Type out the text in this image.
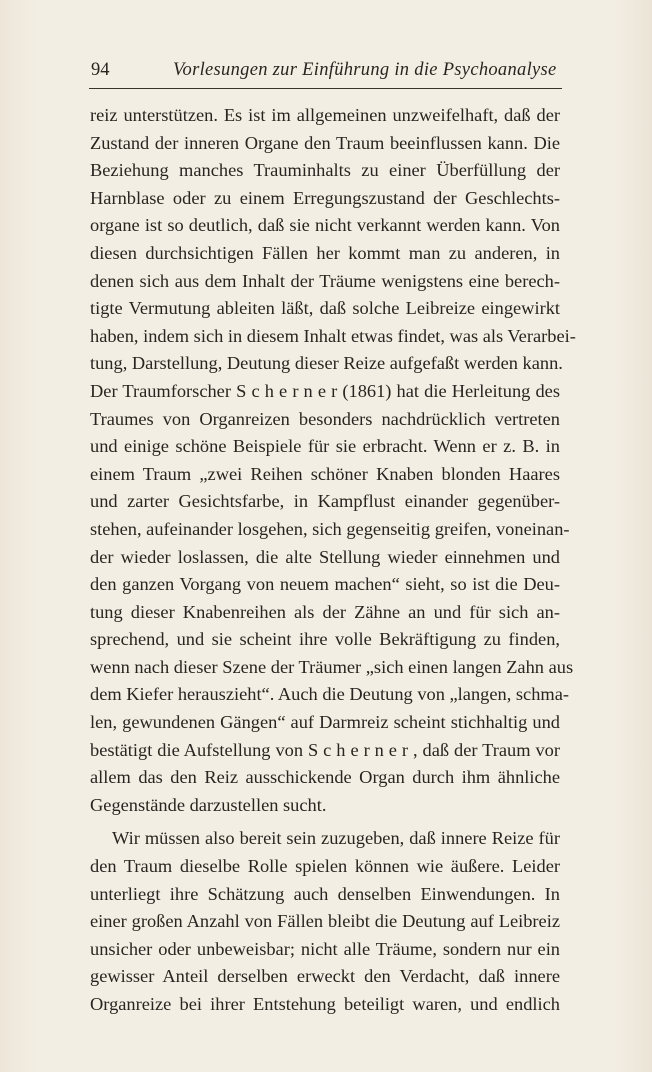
94	Vorlesungen zur Einführung in die Psychoanalyse
reiz unterstützen. Es ist im allgemeinen unzweifelhaft, daß der
Zustand der inneren Organe den Traum beeinflussen kann. Die
Beziehung manches Trauminhalts zu einer Überfüllung der
Harnblase oder zu einem Erregungszustand der Geschlechts-
organe ist so deutlich, daß sie nicht verkannt werden kann. Von
diesen durchsichtigen Fällen her kommt man zu anderen, in
denen sich aus dem Inhalt der Träume wenigstens eine berech-
tigte Vermutung ableiten läßt, daß solche Leibreize eingewirkt
haben, indem sich in diesem Inhalt etwas findet, was als Verarbei-
tung, Darstellung, Deutung dieser Reize aufgefaßt werden kann.
Der Traumforscher S c h e r n e r (1861) hat die Herleitung des
Traumes von Organreizen besonders nachdrücklich vertreten
und einige schöne Beispiele für sie erbracht. Wenn er z. B. in
einem Traum „zwei Reihen schöner Knaben blonden Haares
und zarter Gesichtsfarbe, in Kampflust einander gegenüber-
stehen, aufeinander losgehen, sich gegenseitig greifen, voneinan-
der wieder loslassen, die alte Stellung wieder einnehmen und
den ganzen Vorgang von neuem machen“ sieht, so ist die Deu-
tung dieser Knabenreihen als der Zähne an und für sich an-
sprechend, und sie scheint ihre volle Bekräftigung zu finden,
wenn nach dieser Szene der Träumer „sich einen langen Zahn aus
dem Kiefer herauszieht“. Auch die Deutung von „langen, schma-
len, gewundenen Gängen“ auf Darmreiz scheint stichhaltig und
bestätigt die Aufstellung von S c h e r n e r , daß der Traum vor
allem das den Reiz ausschickende Organ durch ihm ähnliche
Gegenstände darzustellen sucht.
Wir müssen also bereit sein zuzugeben, daß innere Reize für
den Traum dieselbe Rolle spielen können wie äußere. Leider
unterliegt ihre Schätzung auch denselben Einwendungen. In
einer großen Anzahl von Fällen bleibt die Deutung auf Leibreiz
unsicher oder unbeweisbar; nicht alle Träume, sondern nur ein
gewisser Anteil derselben erweckt den Verdacht, daß innere
Organreize bei ihrer Entstehung beteiligt waren, und endlich
